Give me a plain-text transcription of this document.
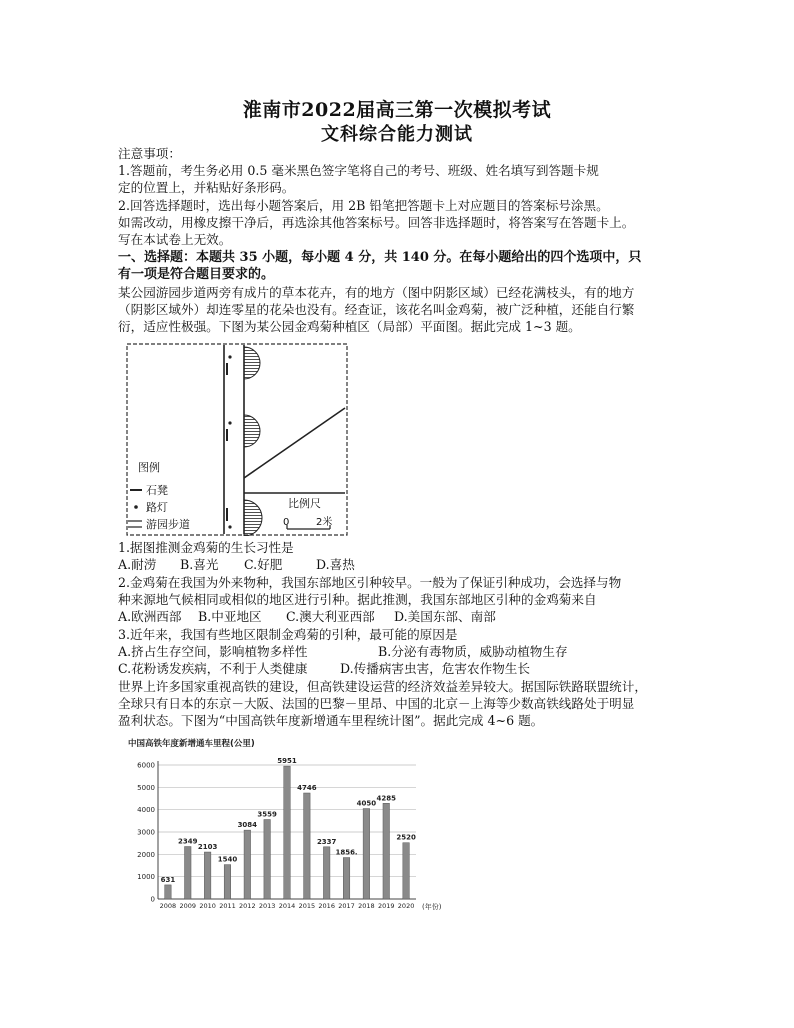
淮南市2022届高三第一次模拟考试
文科综合能力测试
注意事项：
1.答题前，考生务必用 0.5 毫米黑色签字笔将自己的考号、班级、姓名填写到答题卡规
定的位置上，并粘贴好条形码。
2.回答选择题时，选出每小题答案后，用 2B 铅笔把答题卡上对应题目的答案标号涂黑。
如需改动，用橡皮擦干净后，再选涂其他答案标号。回答非选择题时，将答案写在答题卡上。
写在本试卷上无效。
一、选择题：本题共 35 小题，每小题 4 分，共 140 分。在每小题给出的四个选项中，只
有一项是符合题目要求的。
某公园游园步道两旁有成片的草本花卉，有的地方（图中阴影区域）已经花满枝头，有的地方
（阴影区域外）却连零星的花朵也没有。经查证，该花名叫金鸡菊，被广泛种植，还能自行繁
衍，适应性极强。下图为某公园金鸡菊种植区（局部）平面图。据此完成 1~3 题。
图例
石凳
路灯
游园步道
比例尺
0	2米
1.据图推测金鸡菊的生长习性是
A.耐涝 B.喜光 C.好肥	D.喜热
2.金鸡菊在我国为外来物种，我国东部地区引种较早。一般为了保证引种成功，会选择与物
种来源地气候相同或相似的地区进行引种。据此推测，我国东部地区引种的金鸡菊来自
A.欧洲西部 B.中亚地区 C.澳大利亚西部 D.美国东部、南部
3.近年来，我国有些地区限制金鸡菊的引种，最可能的原因是
A.挤占生存空间，影响植物多样性	B.分泌有毒物质，威胁动植物生存
C.花粉诱发疾病，不利于人类健康	D.传播病害虫害，危害农作物生长
世界上许多国家重视高铁的建设，但高铁建设运营的经济效益差异较大。据国际铁路联盟统计，
全球只有日本的东京－大阪、法国的巴黎－里昂、中国的北京－上海等少数高铁线路处于明显
盈利状态。下图为“中国高铁年度新增通车里程统计图”。据此完成 4~6 题。
中国高铁年度新增通车里程(公里)
0
1000
2000
3000
4000
5000
6000
631
2349
2103
1540
3084
3559
5951
4746
2337
1856.
4050
4285
2520
2008 2009 2010 2011 2012 2013 2014 2015 2016 2017 2018 2019 2020 (年份)
